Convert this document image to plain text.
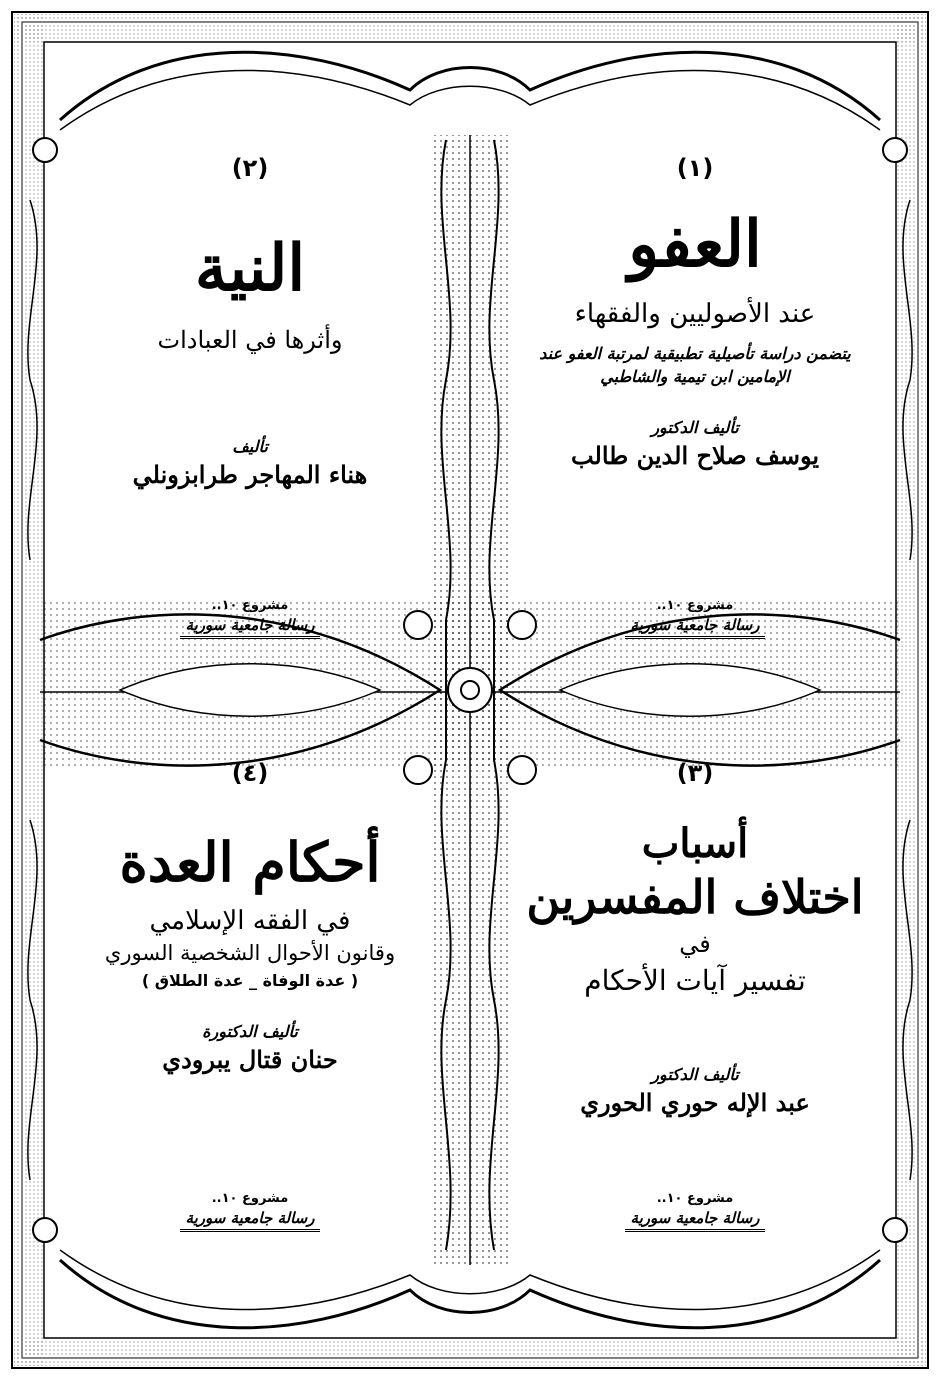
(١)
العفو
عند الأصوليين والفقهاء
يتضمن دراسة تأصيلية تطبيقية لمرتبة العفو عند الإمامين ابن تيمية والشاطبي
تأليف الدكتور
يوسف صلاح الدين طالب
مشروع ١٠..
رسالة جامعية سورية
(٢)
النية
وأثرها في العبادات
تأليف
هناء المهاجر طرابزونلي
مشروع ١٠..
رسالة جامعية سورية
(٣)
أسباب
اختلاف المفسرين
في
تفسير آيات الأحكام
تأليف الدكتور
عبد الإله حوري الحوري
مشروع ١٠..
رسالة جامعية سورية
(٤)
أحكام العدة
في الفقه الإسلامي
وقانون الأحوال الشخصية السوري
( عدة الوفاة _ عدة الطلاق )
تأليف الدكتورة
حنان قتال يبرودي
مشروع ١٠..
رسالة جامعية سورية
